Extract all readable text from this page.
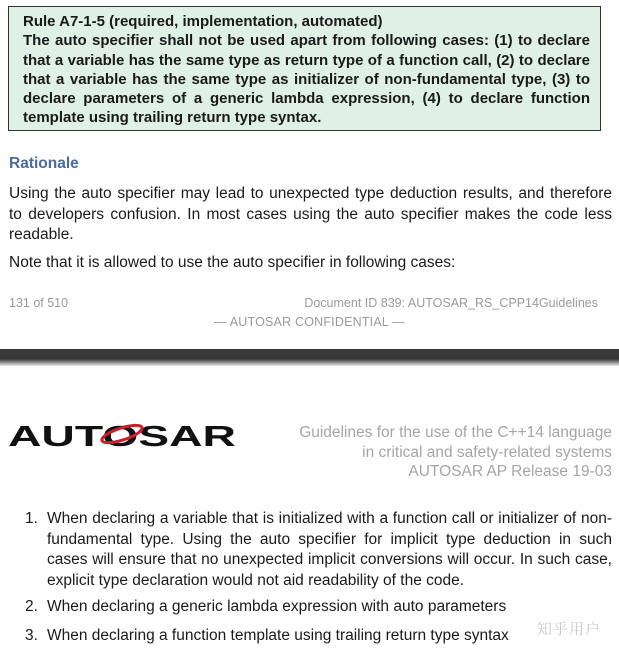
Rule A7-1-5 (required, implementation, automated)
The auto specifier shall not be used apart from following cases: (1) to declare that a variable has the same type as return type of a function call, (2) to declare that a variable has the same type as initializer of non-fundamental type, (3) to declare parameters of a generic lambda expression, (4) to declare function template using trailing return type syntax.
Rationale
Using the auto specifier may lead to unexpected type deduction results, and therefore to developers confusion. In most cases using the auto specifier makes the code less readable.
Note that it is allowed to use the auto specifier in following cases:
131 of 510	Document ID 839: AUTOSAR_RS_CPP14Guidelines
— AUTOSAR CONFIDENTIAL —
AUTOSAR	Guidelines for the use of the C++14 language
in critical and safety-related systems
AUTOSAR AP Release 19-03
1. When declaring a variable that is initialized with a function call or initializer of non-fundamental type. Using the auto specifier for implicit type deduction in such cases will ensure that no unexpected implicit conversions will occur. In such case, explicit type declaration would not aid readability of the code.
2. When declaring a generic lambda expression with auto parameters
3. When declaring a function template using trailing return type syntax	知乎用户
